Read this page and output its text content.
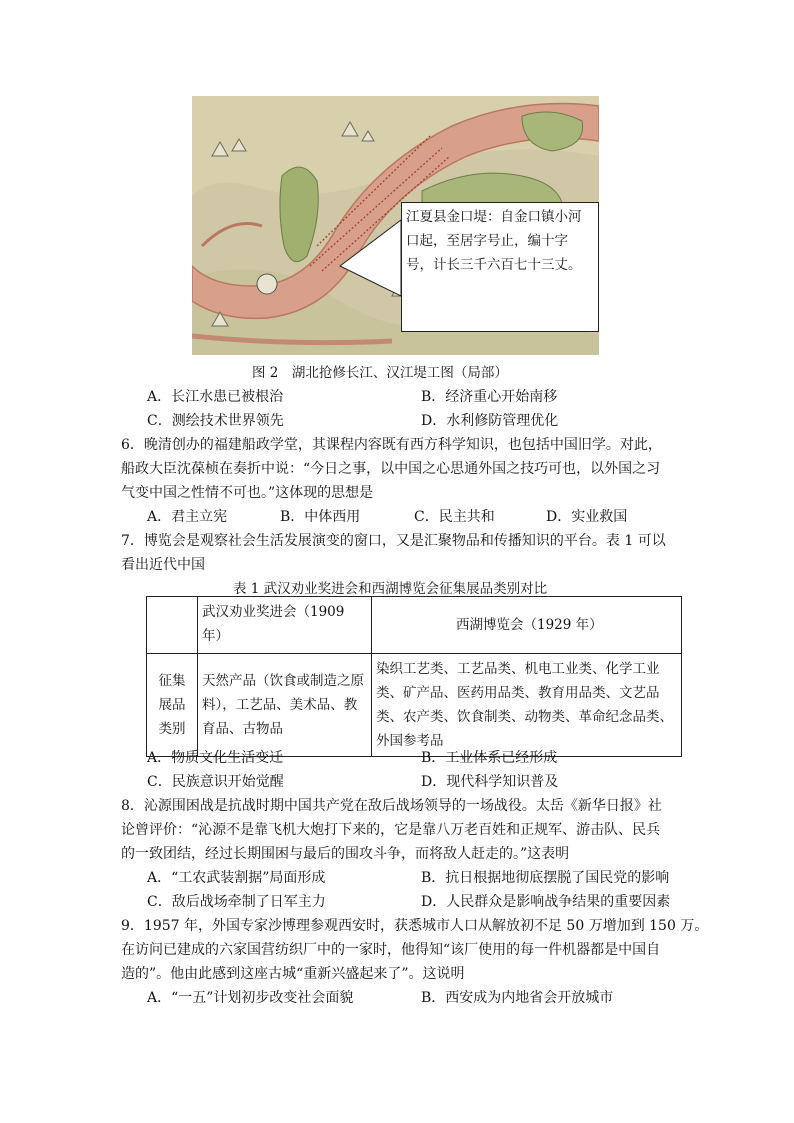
江夏县金口堤：自金口镇小河口起，至居字号止，编十字号，计长三千六百七十三丈。
图 2　湖北抢修长江、汉江堤工图（局部）
A．长江水患已被根治	B．经济重心开始南移
C．测绘技术世界领先	D．水利修防管理优化
6．晚清创办的福建船政学堂，其课程内容既有西方科学知识，也包括中国旧学。对此，
船政大臣沈葆桢在奏折中说：“今日之事，以中国之心思通外国之技巧可也，以外国之习
气变中国之性情不可也。”这体现的思想是
A．君主立宪	B．中体西用	C．民主共和	D．实业救国
7．博览会是观察社会生活发展演变的窗口，又是汇聚物品和传播知识的平台。表 1 可以
看出近代中国
表 1 武汉劝业奖进会和西湖博览会征集展品类别对比
	武汉劝业奖进会（1909 年）	西湖博览会（1929 年）

征集
展品
类别	天然产品（饮食或制造之原料），工艺品、美术品、教育品、古物品	染织工艺类、工艺品类、机电工业类、化学工业类、矿产品、医药用品类、教育用品类、文艺品类、农产类、饮食制类、动物类、革命纪念品类、外国参考品
A．物质文化生活变迁	B．工业体系已经形成
C．民族意识开始觉醒	D．现代科学知识普及
8．沁源围困战是抗战时期中国共产党在敌后战场领导的一场战役。太岳《新华日报》社
论曾评价：“沁源不是靠飞机大炮打下来的，它是靠八万老百姓和正规军、游击队、民兵
的一致团结，经过长期围困与最后的围攻斗争，而将敌人赶走的。”这表明
A．“工农武装割据”局面形成	B．抗日根据地彻底摆脱了国民党的影响
C．敌后战场牵制了日军主力	D．人民群众是影响战争结果的重要因素
9．1957 年，外国专家沙博理参观西安时，获悉城市人口从解放初不足 50 万增加到 150 万。
在访问已建成的六家国营纺织厂中的一家时，他得知“该厂使用的每一件机器都是中国自
造的”。他由此感到这座古城“重新兴盛起来了”。这说明
A．“一五”计划初步改变社会面貌	B．西安成为内地省会开放城市
